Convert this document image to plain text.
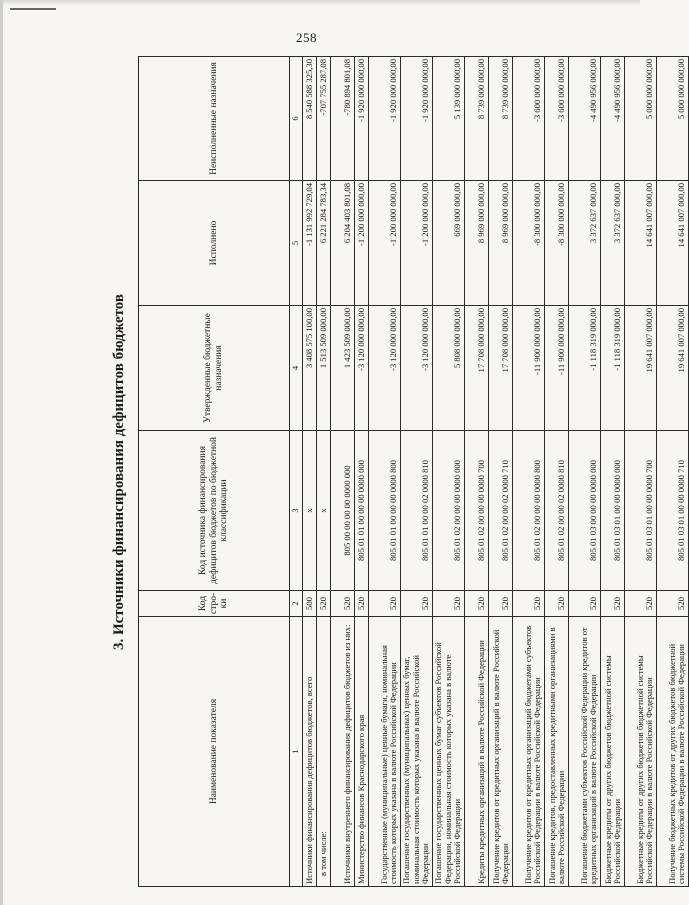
258
3. Источники финансирования дефицитов бюджетов
Наименование показателя	Код стро-ки	Код источника финансирования дефицитов бюджетов по бюджетной классификации	Утвержденные бюджетные назначения	Исполнено	Неисполненные назначения
1	2	3	4	5	6
Источники финансирования дефицитов бюджетов, всего	500	x	3 408 575 100,00	-1 131 992 729,04	8 540 588 325,30
в том числе:	520	x	1 513 509 000,00	6 221 284 783,34	-707 755 287,08
Источники внутреннего финансирования дефицитов бюджетов из них:	520	805 00 00 00 00 0000 000	1 423 509 000,00	6 204 403 801,08	-780 894 801,08
Министерство финансов Краснодарского края	520	805 01 01 00 00 00 0000 000	-3 120 000 000,00	-1 200 000 000,00	-1 920 000 000,00
Государственные (муниципальные) ценные бумаги, номинальная стоимость которых указана в валюте Российской Федерации	520	805 01 01 00 00 00 0000 800	-3 120 000 000,00	-1 200 000 000,00	-1 920 000 000,00
Погашение государственных (муниципальных) ценных бумаг, номинальная стоимость которых указана в валюте Российской Федерации	520	805 01 01 00 00 02 0000 810	-3 120 000 000,00	-1 200 000 000,00	-1 920 000 000,00
Погашение государственных ценных бумаг субъектов Российской Федерации, номинальная стоимость которых указана в валюте Российской Федерации	520	805 01 02 00 00 00 0000 000	5 808 000 000,00	669 000 000,00	5 139 000 000,00
Кредиты кредитных организаций в валюте Российской Федерации	520	805 01 02 00 00 00 0000 700	17 708 000 000,00	8 969 000 000,00	8 739 000 000,00
Получение кредитов от кредитных организаций в валюте Российской Федерации	520	805 01 02 00 00 02 0000 710	17 708 000 000,00	8 969 000 000,00	8 739 000 000,00
Получение кредитов от кредитных организаций бюджетами субъектов Российской Федерации в валюте Российской Федерации	520	805 01 02 00 00 00 0000 800	-11 900 000 000,00	-8 300 000 000,00	-3 600 000 000,00
Погашение кредитов, предоставленных кредитными организациями в валюте Российской Федерации	520	805 01 02 00 00 02 0000 810	-11 900 000 000,00	-8 300 000 000,00	-3 600 000 000,00
Погашение бюджетами субъектов Российской Федерации кредитов от кредитных организаций в валюте Российской Федерации	520	805 01 03 00 00 00 0000 000	-1 118 319 000,00	3 372 637 000,00	-4 490 956 000,00
Бюджетные кредиты от других бюджетов бюджетной системы Российской Федерации	520	805 01 03 01 00 00 0000 000	-1 118 319 000,00	3 372 637 000,00	-4 490 956 000,00
Бюджетные кредиты от других бюджетов бюджетной системы Российской Федерации в валюте Российской Федерации	520	805 01 03 01 00 00 0000 700	19 641 007 000,00	14 641 007 000,00	5 000 000 000,00
Получение бюджетных кредитов от других бюджетов бюджетной системы Российской Федерации в валюте Российской Федерации	520	805 01 03 01 00 00 0000 710	19 641 007 000,00	14 641 007 000,00	5 000 000 000,00
